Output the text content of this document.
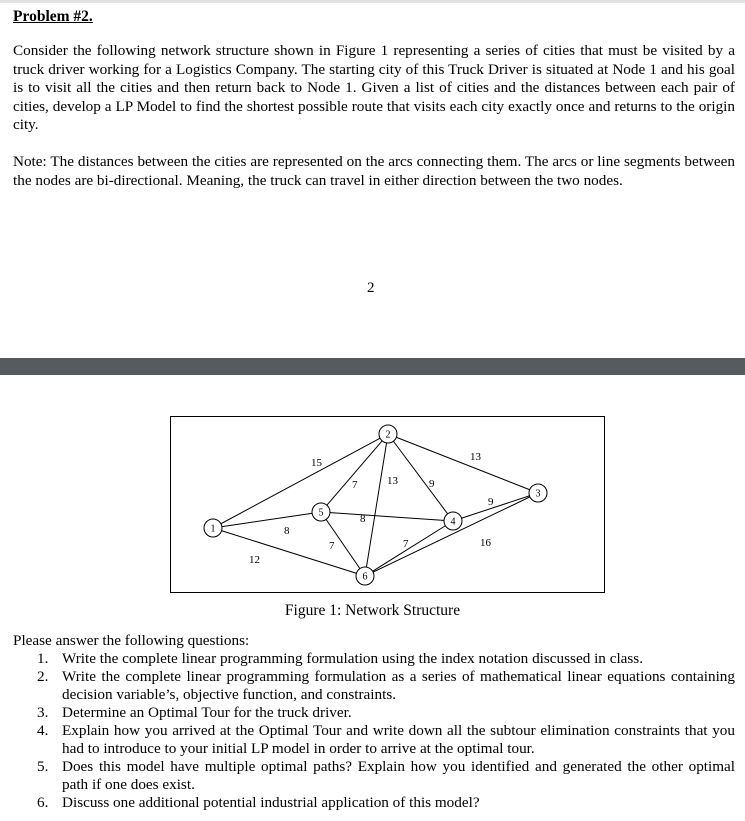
Problem #2.
Consider the following network structure shown in Figure 1 representing a series of cities that must be visited by a truck driver working for a Logistics Company. The starting city of this Truck Driver is situated at Node 1 and his goal is to visit all the cities and then return back to Node 1. Given a list of cities and the distances between each pair of cities, develop a LP Model to find the shortest possible route that visits each city exactly once and returns to the origin city.
Note: The distances between the cities are represented on the arcs connecting them. The arcs or line segments between the nodes are bi-directional. Meaning, the truck can travel in either direction between the two nodes.
2
15
8
12
7
8
7
13	9
13
9
7	16
1
2
3
4
5
6
Figure 1: Network Structure
Please answer the following questions:
1. Write the complete linear programming formulation using the index notation discussed in class.
2. Write the complete linear programming formulation as a series of mathematical linear equations containing decision variable’s, objective function, and constraints.
3. Determine an Optimal Tour for the truck driver.
4. Explain how you arrived at the Optimal Tour and write down all the subtour elimination constraints that you had to introduce to your initial LP model in order to arrive at the optimal tour.
5. Does this model have multiple optimal paths? Explain how you identified and generated the other optimal path if one does exist.
6. Discuss one additional potential industrial application of this model?
